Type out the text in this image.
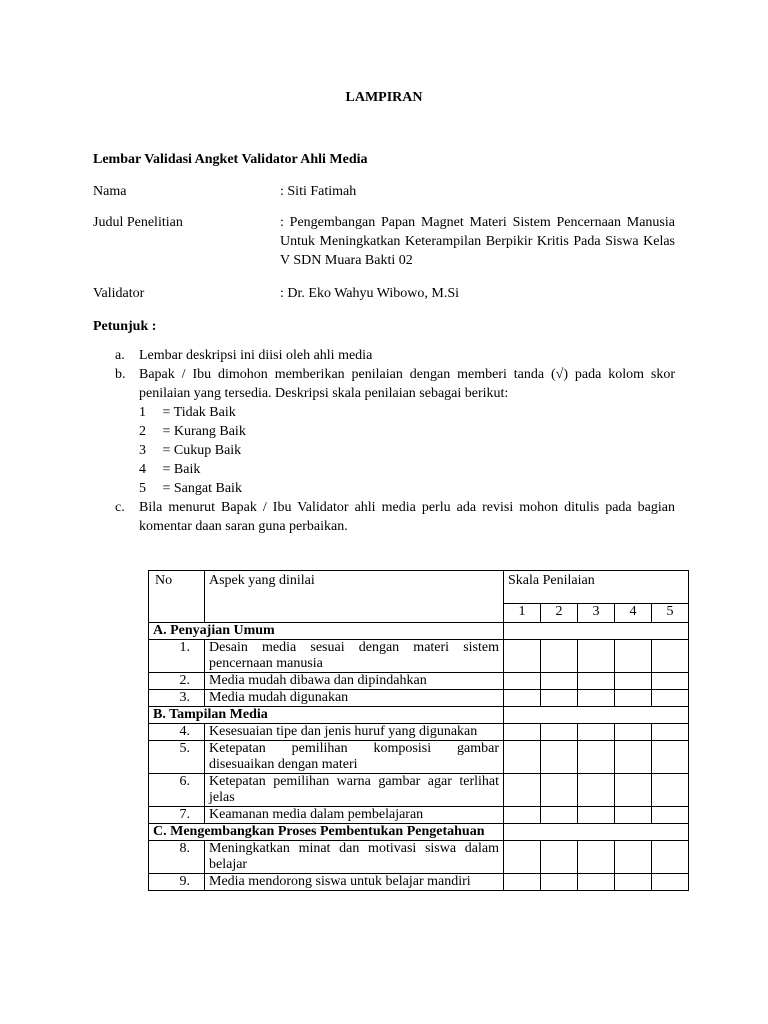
LAMPIRAN
Lembar Validasi Angket Validator Ahli Media
Nama	: Siti Fatimah
Judul Penelitian	: Pengembangan Papan Magnet Materi Sistem Pencernaan Manusia Untuk Meningkatkan Keterampilan Berpikir Kritis Pada Siswa Kelas V SDN Muara Bakti 02
Validator	: Dr. Eko Wahyu Wibowo, M.Si
Petunjuk :
a. Lembar deskripsi ini diisi oleh ahli media
b. Bapak / Ibu dimohon memberikan penilaian dengan memberi tanda (√) pada kolom skor penilaian yang tersedia. Deskripsi skala penilaian sebagai berikut:
1 = Tidak Baik
2 = Kurang Baik
3 = Cukup Baik
4 = Baik
5 = Sangat Baik
c. Bila menurut Bapak / Ibu Validator ahli media perlu ada revisi mohon ditulis pada bagian komentar daan saran guna perbaikan.
No	Aspek yang dinilai	Skala Penilaian				
		1	2	3	4	5
A. Penyajian Umum						
1.	Desain media sesuai dengan materi sistem pencernaan manusia					
2.	Media mudah dibawa dan dipindahkan					
3.	Media mudah digunakan					
B. Tampilan Media						
4.	Kesesuaian tipe dan jenis huruf yang digunakan					
5.	Ketepatan pemilihan komposisi gambar disesuaikan dengan materi					
6.	Ketepatan pemilihan warna gambar agar terlihat jelas					
7.	Keamanan media dalam pembelajaran					
C. Mengembangkan Proses Pembentukan Pengetahuan						
8.	Meningkatkan minat dan motivasi siswa dalam belajar					
9.	Media mendorong siswa untuk belajar mandiri					
